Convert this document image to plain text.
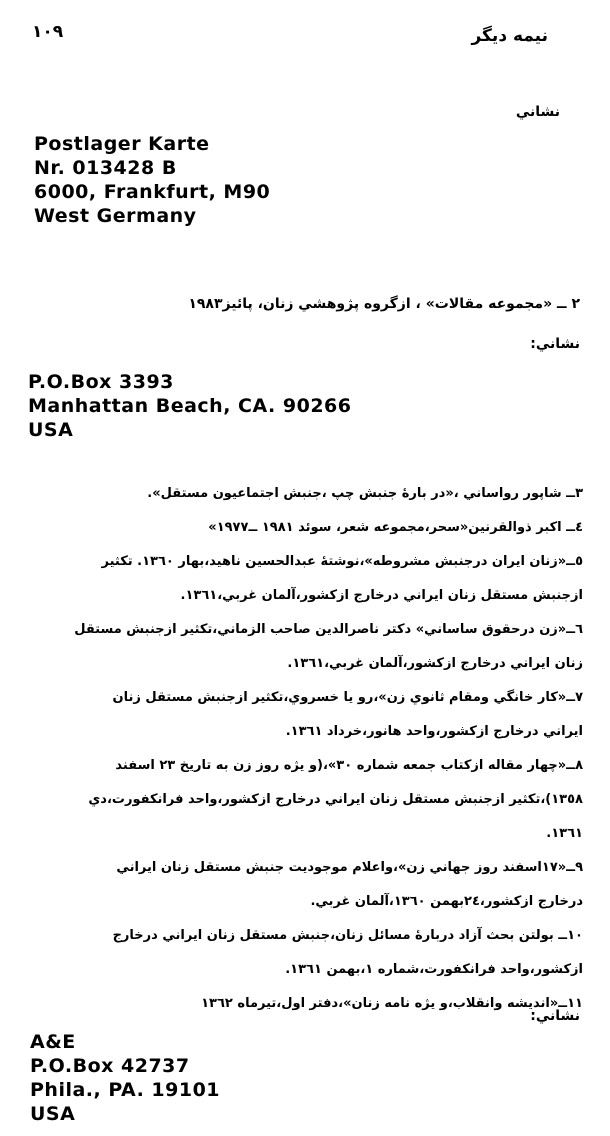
نيمه ديگر
١٠٩
نشاني
Postlager Karte
Nr. 013428 B
6000, Frankfurt, M90
West Germany
٢ ــ «مجموعه مقالات» ، ازگروه پژوهشي زنان، پائيز١٩٨٣
نشاني:
P.O.Box 3393
Manhattan Beach, CA. 90266
USA

٣ــ شاپور رواساني ،«در بارهٔ جنبش چپ ،جنبش اجتماعيون مستقل».

٤ــ اكبر ذوالقرنين«سحر،مجموعه شعر، سوئد ١٩٨١ ــ١٩٧٧»

٥ــ«زنان ايران درجنبش مشروطه»،نوشتهٔ عبدالحسين ناهيد،بهار ١٣٦٠. تكثير

ازجنبش مستقل زنان ايراني درخارج ازكشور،آلمان غربي،١٣٦١.

٦ــ«زن درحقوق ساساني» دكتر ناصرالدين صاحب الزماني،تكثير ازجنبش مستقل

زنان ايراني درخارج ازكشور،آلمان غربي،١٣٦١.

٧ــ«كار خانگي ومقام ثانوي زن»،رو يا خسروي،تكثير ازجنبش مستقل زنان

ايراني درخارج ازكشور،واحد هانور،خرداد ١٣٦١.

٨ــ«چهار مقاله ازكتاب جمعه شماره ٣٠»،(و يژه روز زن به تاريخ ٢٣ اسفند

١٣٥٨)،تكثير ازجنبش مستقل زنان ايراني درخارج ازكشور،واحد فرانكفورت،دي

١٣٦١.

٩ــ«١٧اسفند روز جهاني زن»،واعلام موجوديت جنبش مستقل زنان ايراني

درخارج ازكشور،٢٤بهمن ١٣٦٠،آلمان غربي.

١٠ــ بولتن بحث آزاد دربارهٔ مسائل زنان،جنبش مستقل زنان ايراني درخارج

ازكشور،واحد فرانكفورت،شماره ١،بهمن ١٣٦١.

١١ــ«انديشه وانقلاب،و يژه نامه زنان»،دفتر اول،تيرماه ١٣٦٢

نشاني:
A&E
P.O.Box 42737
Phila., PA. 19101
USA
